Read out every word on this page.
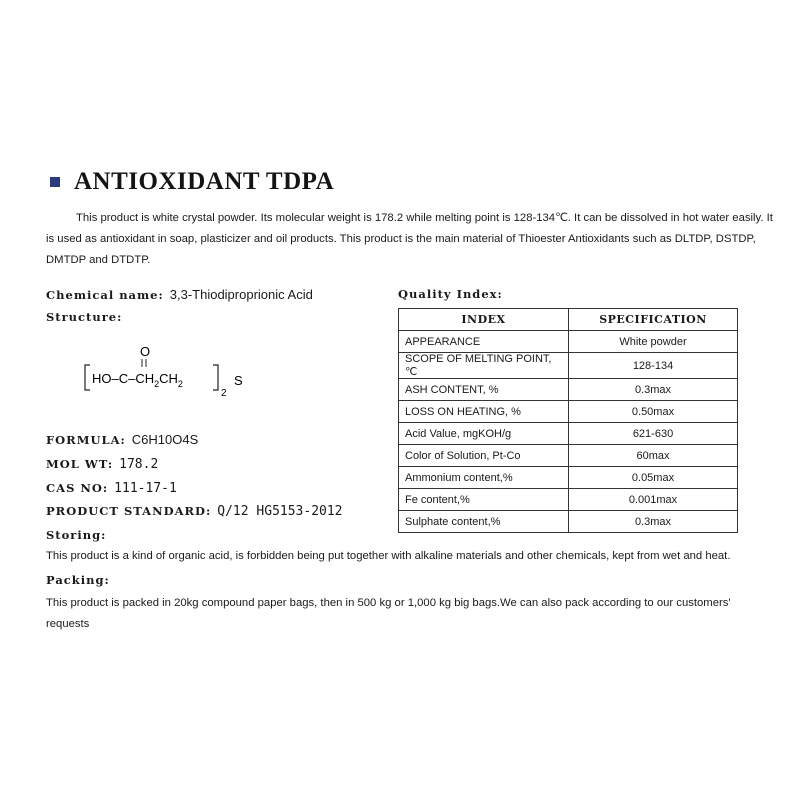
ANTIOXIDANT TDPA
This product is white crystal powder. Its molecular weight is 178.2 while melting point is 128-134℃. It can be dissolved in hot water easily. It is used as antioxidant in soap, plasticizer and oil products. This product is the main material of Thioester Antioxidants such as DLTDP, DSTDP, DMTDP and DTDTP.
Chemical name: 3,3-Thiodiproprionic Acid
Structure:
O
$HO-C-CH_2CH_2$
2
S
FORMULA: C6H10O4S
MOL WT: 178.2
CAS NO: 111-17-1
PRODUCT STANDARD: Q/12 HG5153-2012
Quality Index:
INDEX	SPECIFICATION
APPEARANCE	White powder
SCOPE OF MELTING POINT,℃	128-134
ASH CONTENT, %	0.3max
LOSS ON HEATING, %	0.50max
Acid Value, mgKOH/g	621-630
Color of Solution, Pt-Co	60max
Ammonium content,%	0.05max
Fe content,%	0.001max
Sulphate content,%	0.3max
Storing:
This product is a kind of organic acid, is forbidden being put together with alkaline materials and other chemicals, kept from wet and heat.
Packing:
This product is packed in 20kg compound paper bags, then in 500 kg or 1,000 kg big bags.We can also pack according to our customers' requests
